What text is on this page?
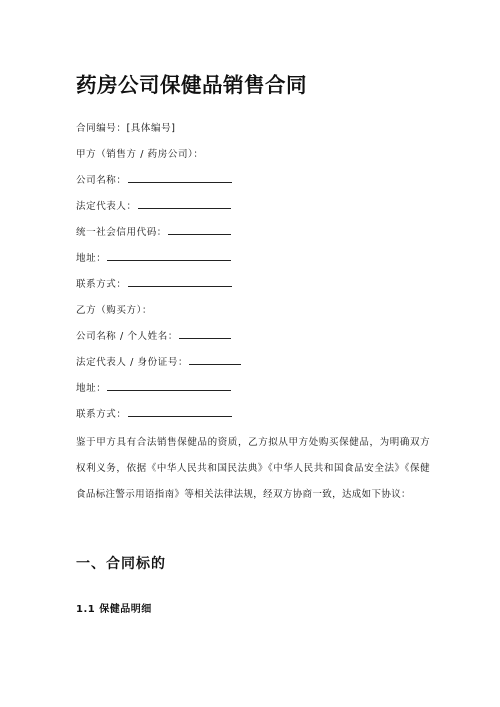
药房公司保健品销售合同
合同编号：[具体编号]
甲方（销售方 / 药房公司）：
公司名称：
法定代表人：
统一社会信用代码：
地址：
联系方式：
乙方（购买方）：
公司名称 / 个人姓名：
法定代表人 / 身份证号：
地址：
联系方式：

鉴于甲方具有合法销售保健品的资质，乙方拟从甲方处购买保健品，为明确双方权利义务，依据《中华人民共和国民法典》《中华人民共和国食品安全法》《保健食品标注警示用语指南》等相关法律法规，经双方协商一致，达成如下协议：

一、合同标的
1.1 保健品明细
